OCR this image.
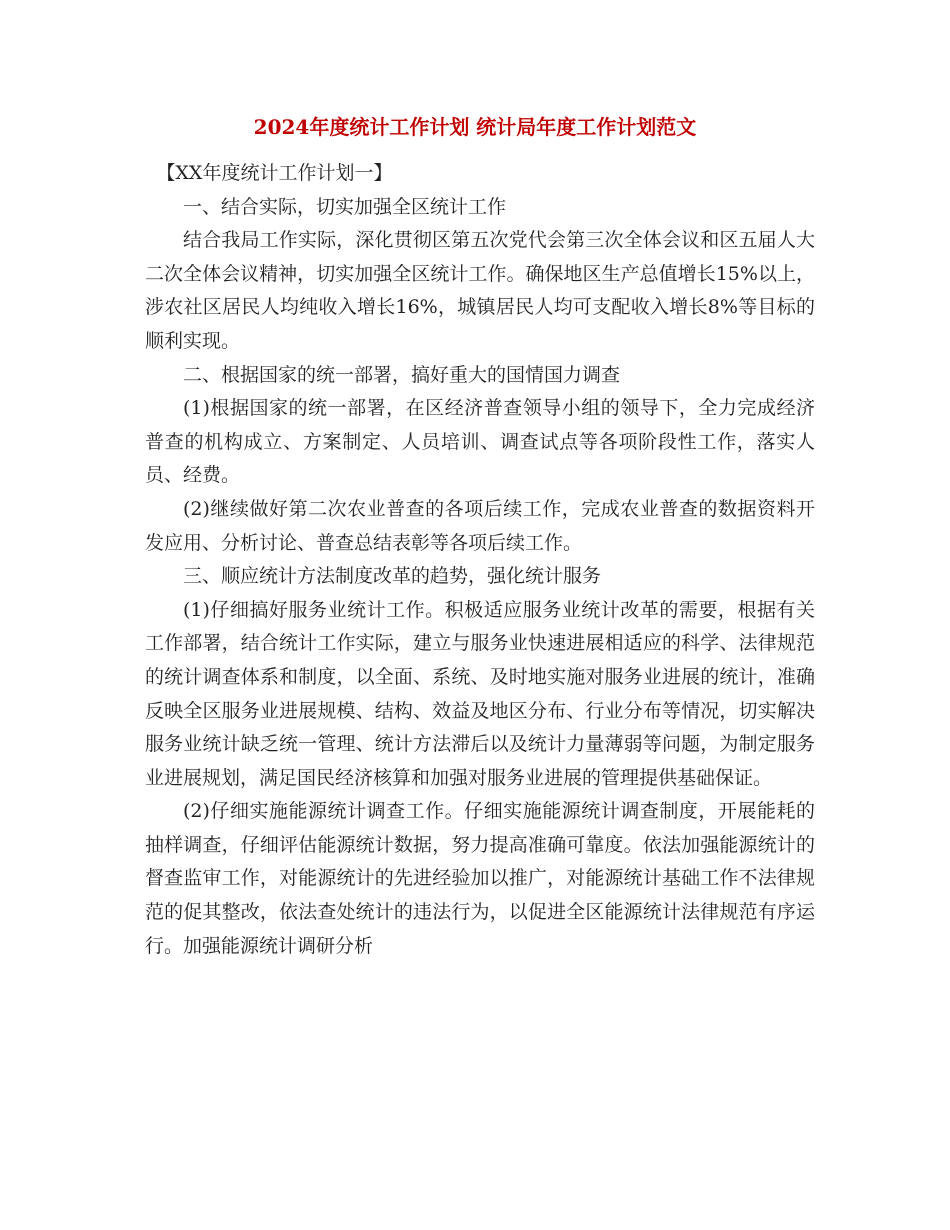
2024年度统计工作计划 统计局年度工作计划范文

【XX年度统计工作计划一】

一、结合实际，切实加强全区统计工作

结合我局工作实际，深化贯彻区第五次党代会第三次全体会议和区五届人大二次全体会议精神，切实加强全区统计工作。确保地区生产总值增长15%以上，涉农社区居民人均纯收入增长16%，城镇居民人均可支配收入增长8%等目标的顺利实现。

二、根据国家的统一部署，搞好重大的国情国力调查

(1)根据国家的统一部署，在区经济普查领导小组的领导下，全力完成经济普查的机构成立、方案制定、人员培训、调查试点等各项阶段性工作，落实人员、经费。

(2)继续做好第二次农业普查的各项后续工作，完成农业普查的数据资料开发应用、分析讨论、普查总结表彰等各项后续工作。

三、顺应统计方法制度改革的趋势，强化统计服务

(1)仔细搞好服务业统计工作。积极适应服务业统计改革的需要，根据有关工作部署，结合统计工作实际，建立与服务业快速进展相适应的科学、法律规范的统计调查体系和制度，以全面、系统、及时地实施对服务业进展的统计，准确反映全区服务业进展规模、结构、效益及地区分布、行业分布等情况，切实解决服务业统计缺乏统一管理、统计方法滞后以及统计力量薄弱等问题，为制定服务业进展规划，满足国民经济核算和加强对服务业进展的管理提供基础保证。

(2)仔细实施能源统计调查工作。仔细实施能源统计调查制度，开展能耗的抽样调查，仔细评估能源统计数据，努力提高准确可靠度。依法加强能源统计的督查监审工作，对能源统计的先进经验加以推广，对能源统计基础工作不法律规范的促其整改，依法查处统计的违法行为，以促进全区能源统计法律规范有序运行。加强能源统计调研分析
